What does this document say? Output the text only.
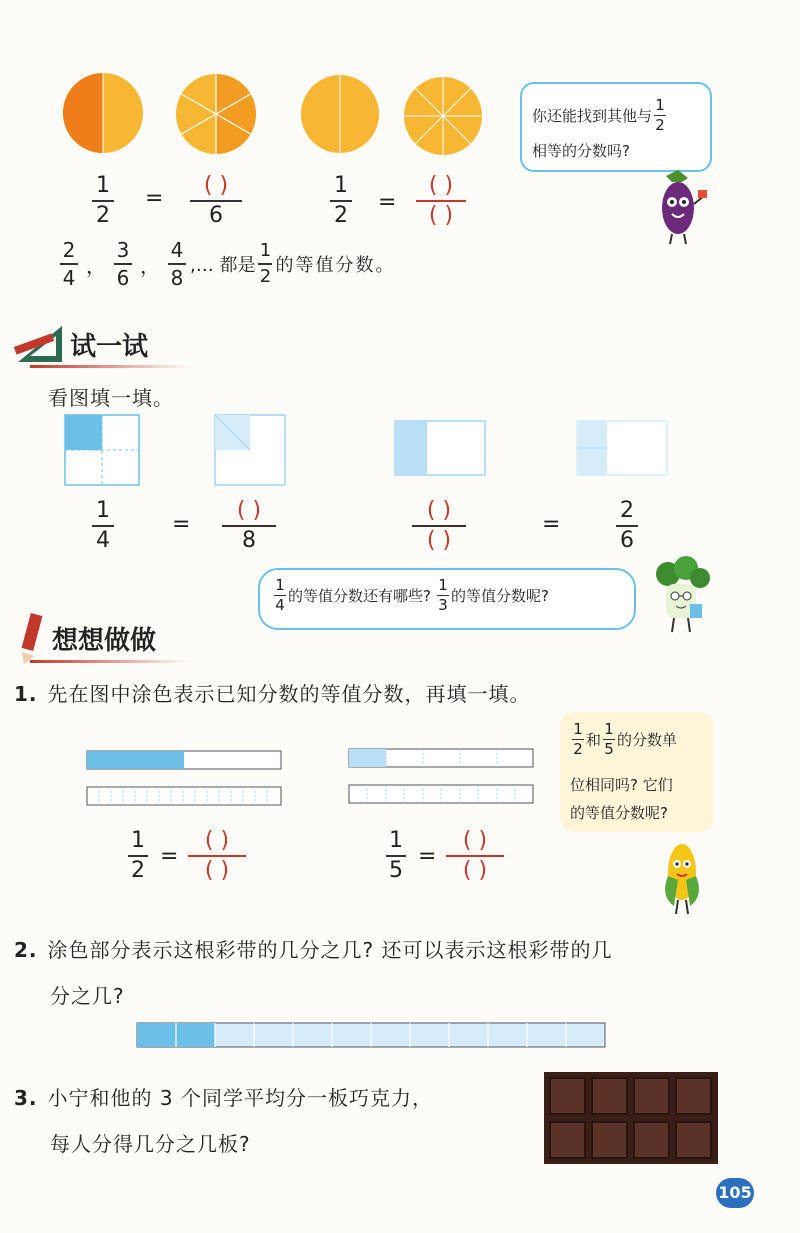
1
2
=
( )
6
1
2
=
( )
( )
$\frac{2}{4}$ ， $\frac{3}{6}$ ， $\frac{4}{8}$ ,… 都是 $\frac{1}{2}$ 的等值分数。
你还能找到其他与 $\frac{1}{2}$
相等的分数吗?
试一试
看图填一填。
1
4
=
( )
8
( )
( )
=
2
6
$\frac{1}{4}$ 的等值分数还有哪些? $\frac{1}{3}$ 的等值分数呢?
想想做做
1. 先在图中涂色表示已知分数的等值分数，再填一填。
1
2
=
( )
( )
1
5
=
( )
( )
$\frac{1}{2}$ 和 $\frac{1}{5}$ 的分数单
位相同吗? 它们
的等值分数呢?
2. 涂色部分表示这根彩带的几分之几? 还可以表示这根彩带的几
分之几?
3. 小宁和他的 3 个同学平均分一板巧克力，
每人分得几分之几板?
105
